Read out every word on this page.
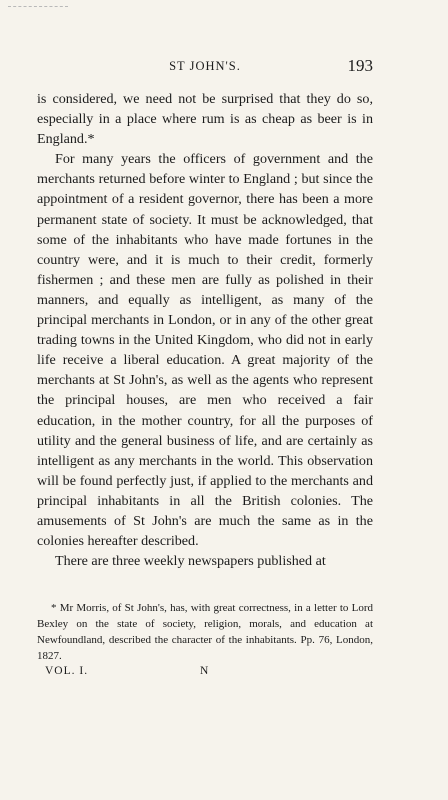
ST JOHN'S.	193

is considered, we need not be surprised that they do so, especially in a place where rum is as cheap as beer is in England.*

For many years the officers of government and the merchants returned before winter to England ; but since the appointment of a resident governor, there has been a more permanent state of society. It must be acknowledged, that some of the inhabitants who have made fortunes in the country were, and it is much to their credit, formerly fishermen ; and these men are fully as polished in their manners, and equally as intelligent, as many of the principal merchants in London, or in any of the other great trading towns in the United Kingdom, who did not in early life receive a liberal education. A great majority of the merchants at St John's, as well as the agents who represent the principal houses, are men who received a fair education, in the mother country, for all the purposes of utility and the general business of life, and are certainly as intelligent as any merchants in the world. This observation will be found perfectly just, if applied to the merchants and principal inhabitants in all the British colonies. The amusements of St John's are much the same as in the colonies hereafter described.

There are three weekly newspapers published at

* Mr Morris, of St John's, has, with great correctness, in a letter to Lord Bexley on the state of society, religion, morals, and education at Newfoundland, described the character of the inhabitants. Pp. 76, London, 1827.

VOL. I.	N
